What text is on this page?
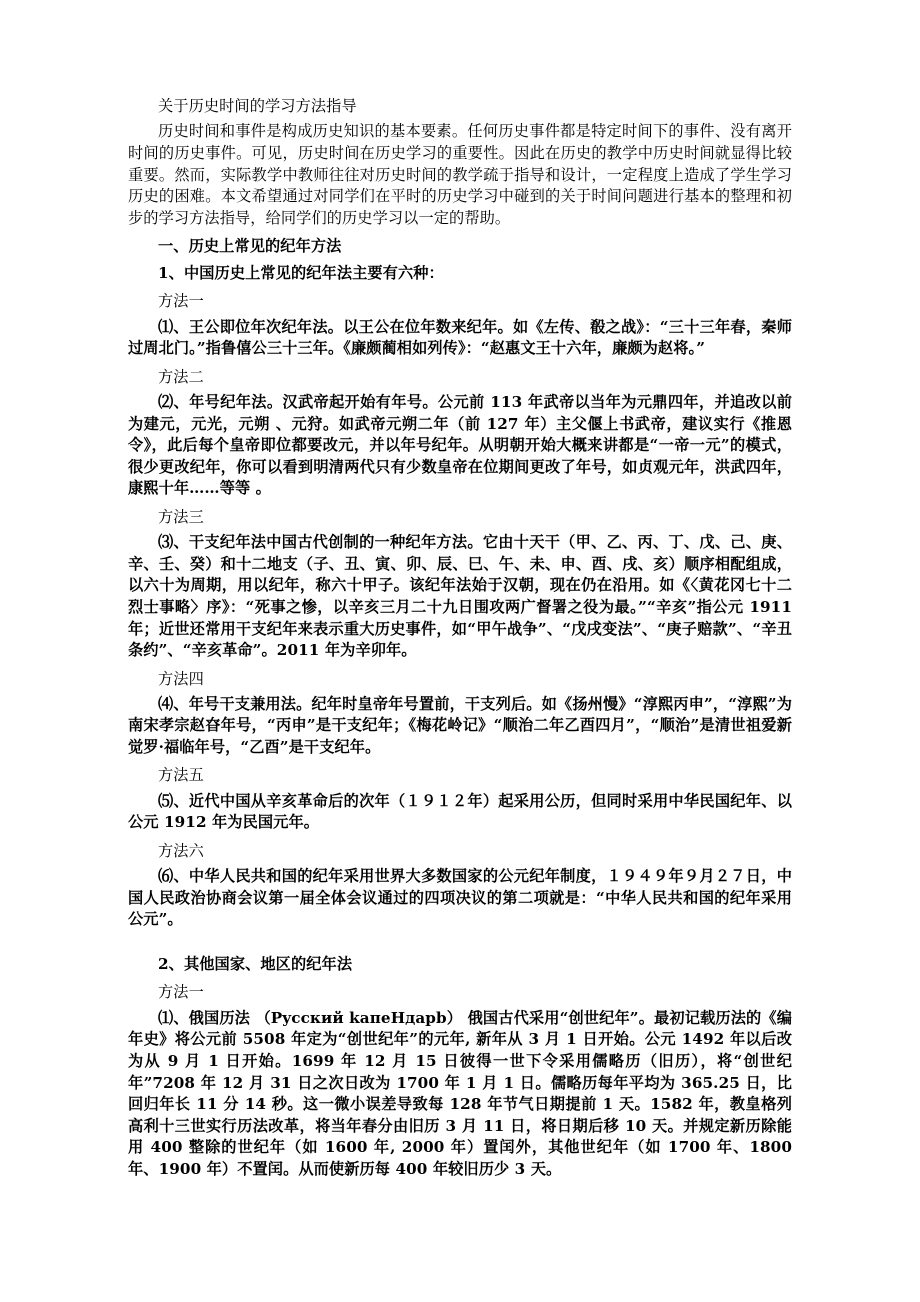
关于历史时间的学习方法指导

历史时间和事件是构成历史知识的基本要素。任何历史事件都是特定时间下的事件、没有离开时间的历史事件。可见，历史时间在历史学习的重要性。因此在历史的教学中历史时间就显得比较重要。然而，实际教学中教师往往对历史时间的教学疏于指导和设计，一定程度上造成了学生学习历史的困难。本文希望通过对同学们在平时的历史学习中碰到的关于时间问题进行基本的整理和初步的学习方法指导，给同学们的历史学习以一定的帮助。

一、历史上常见的纪年方法

1、中国历史上常见的纪年法主要有六种：

方法一

⑴、王公即位年次纪年法。以王公在位年数来纪年。如《左传、殽之战》：“三十三年春，秦师过周北门。”指鲁僖公三十三年。《廉颇蔺相如列传》：“赵惠文王十六年，廉颇为赵将。”

方法二

⑵、年号纪年法。汉武帝起开始有年号。公元前 113 年武帝以当年为元鼎四年，并追改以前为建元，元光，元朔 、元狩。如武帝元朔二年（前 127 年）主父偃上书武帝，建议实行《推恩令》，此后每个皇帝即位都要改元，并以年号纪年。从明朝开始大概来讲都是“一帝一元”的模式，很少更改纪年，你可以看到明清两代只有少数皇帝在位期间更改了年号，如贞观元年，洪武四年，康熙十年……等等 。

方法三

⑶、干支纪年法中国古代创制的一种纪年方法。它由十天干（甲、乙、丙、丁、戊、己、庚、辛、壬、癸）和十二地支（子、丑、寅、卯、辰、巳、午、未、申、酉、戌、亥）顺序相配组成，以六十为周期，用以纪年，称六十甲子。该纪年法始于汉朝，现在仍在沿用。如《〈黄花冈七十二烈士事略〉序》：“死事之惨，以辛亥三月二十九日围攻两广督署之役为最。”“辛亥”指公元 1911 年；近世还常用干支纪年来表示重大历史事件，如“甲午战争”、“戊戌变法”、“庚子赔款”、“辛丑条约”、“辛亥革命”。2011 年为辛卯年。

方法四

⑷、年号干支兼用法。纪年时皇帝年号置前，干支列后。如《扬州慢》“淳熙丙申”，“淳熙”为南宋孝宗赵昚年号，“丙申”是干支纪年；《梅花岭记》“顺治二年乙酉四月”，“顺治”是清世祖爱新觉罗·福临年号，“乙酉”是干支纪年。

方法五

⑸、近代中国从辛亥革命后的次年（１９１２年）起采用公历，但同时采用中华民国纪年、以公元 1912 年为民国元年。

方法六

⑹、中华人民共和国的纪年采用世界大多数国家的公元纪年制度，１９４９年９月２７日，中国人民政治协商会议第一届全体会议通过的四项决议的第二项就是：“中华人民共和国的纪年采用公元”。

2、其他国家、地区的纪年法

方法一

⑴、俄国历法 （Pyccкий kaпeHдapb） 俄国古代采用“创世纪年”。最初记载历法的《编年史》将公元前 5508 年定为“创世纪年”的元年, 新年从 3 月 1 日开始。公元 1492 年以后改为从 9 月 1 日开始。1699 年 12 月 15 日彼得一世下令采用儒略历（旧历），将“创世纪年”7208 年 12 月 31 日之次日改为 1700 年 1 月 1 日。儒略历每年平均为 365.25 日，比回归年长 11 分 14 秒。这一微小误差导致每 128 年节气日期提前 1 天。1582 年，教皇格列高利十三世实行历法改革，将当年春分由旧历 3 月 11 日，将日期后移 10 天。并规定新历除能用 400 整除的世纪年（如 1600 年, 2000 年）置闰外，其他世纪年（如 1700 年、1800 年、1900 年）不置闰。从而使新历每 400 年较旧历少 3 天。
